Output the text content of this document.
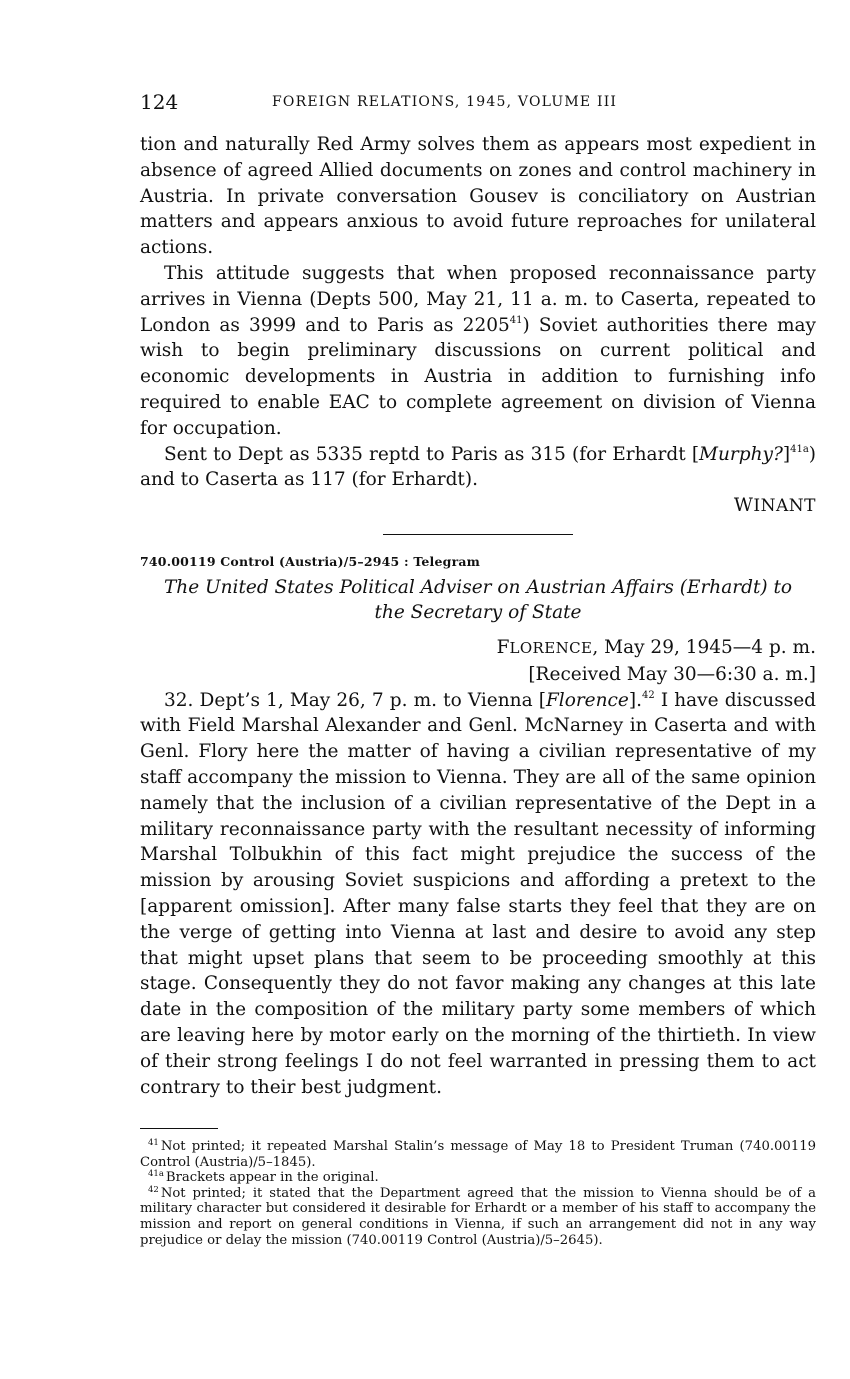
124	FOREIGN RELATIONS, 1945, VOLUME III

tion and naturally Red Army solves them as appears most expedient in absence of agreed Allied documents on zones and control machinery in Austria. In private conversation Gousev is conciliatory on Austrian matters and appears anxious to avoid future reproaches for unilateral actions.

This attitude suggests that when proposed reconnaissance party arrives in Vienna (Depts 500, May 21, 11 a. m. to Caserta, repeated to London as 3999 and to Paris as 2205$^{41}$) Soviet authorities there may wish to begin preliminary discussions on current political and economic developments in Austria in addition to furnishing info required to enable EAC to complete agreement on division of Vienna for occupation.

Sent to Dept as 5335 reptd to Paris as 315 (for Erhardt [Murphy?]$^{41a}$) and to Caserta as 117 (for Erhardt).

WINANT

740.00119 Control (Austria)/5–2945 : Telegram

The United States Political Adviser on Austrian Affairs (Erhardt) to
the Secretary of State

FLORENCE, May 29, 1945—4 p. m.

[Received May 30—6:30 a. m.]

32. Dept’s 1, May 26, 7 p. m. to Vienna [Florence].$^{42}$ I have discussed with Field Marshal Alexander and Genl. McNarney in Caserta and with Genl. Flory here the matter of having a civilian representative of my staff accompany the mission to Vienna. They are all of the same opinion namely that the inclusion of a civilian representative of the Dept in a military reconnaissance party with the resultant necessity of informing Marshal Tolbukhin of this fact might prejudice the success of the mission by arousing Soviet suspicions and affording a pretext to the [apparent omission]. After many false starts they feel that they are on the verge of getting into Vienna at last and desire to avoid any step that might upset plans that seem to be proceeding smoothly at this stage. Consequently they do not favor making any changes at this late date in the composition of the military party some members of which are leaving here by motor early on the morning of the thirtieth. In view of their strong feelings I do not feel warranted in pressing them to act contrary to their best judgment.

$^{41}$ Not printed; it repeated Marshal Stalin’s message of May 18 to President Truman (740.00119 Control (Austria)/5–1845).

$^{41a}$ Brackets appear in the original.

$^{42}$ Not printed; it stated that the Department agreed that the mission to Vienna should be of a military character but considered it desirable for Erhardt or a member of his staff to accompany the mission and report on general conditions in Vienna, if such an arrangement did not in any way prejudice or delay the mission (740.00119 Control (Austria)/5–2645).
